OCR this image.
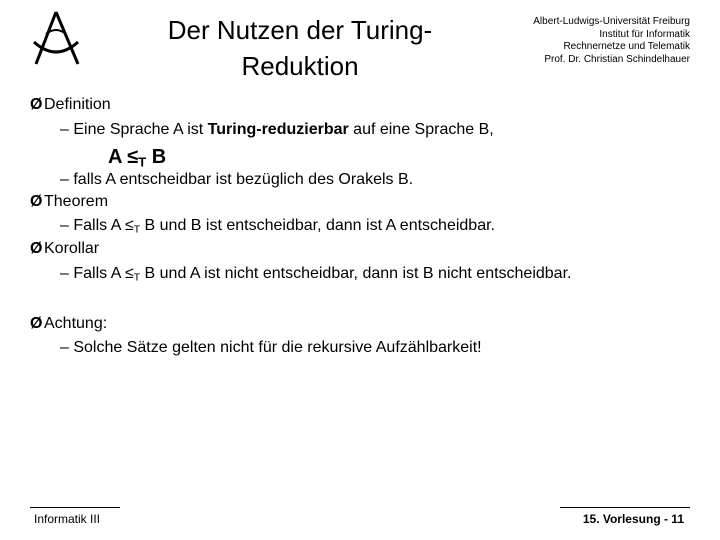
Der Nutzen der Turing-
Reduktion
Albert-Ludwigs-Universität Freiburg
Institut für Informatik
Rechnernetze und Telematik
Prof. Dr. Christian Schindelhauer
ØDefinition
– Eine Sprache A ist Turing-reduzierbar auf eine Sprache B,
$A \le_T$ B
– falls A entscheidbar ist bezüglich des Orakels B.
ØTheorem
– Falls $A \le_T$ B und B ist entscheidbar, dann ist A entscheidbar.
ØKorollar
– Falls $A \le_T$ B und A ist nicht entscheidbar, dann ist B nicht entscheidbar.
ØAchtung:
– Solche Sätze gelten nicht für die rekursive Aufzählbarkeit!
Informatik III	15. Vorlesung - 11
